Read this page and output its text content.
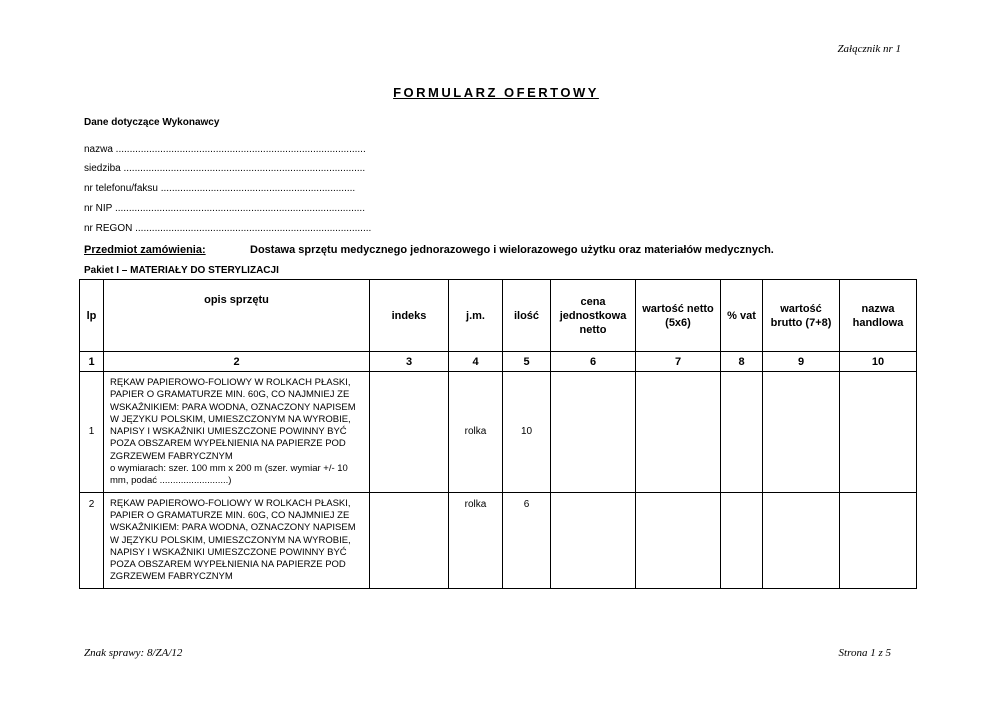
Załącznik nr 1
FORMULARZ OFERTOWY
Dane dotyczące Wykonawcy
nazwa ..........................................................................................
siedziba .......................................................................................
nr telefonu/faksu ......................................................................
nr NIP ..........................................................................................
nr REGON .....................................................................................
Przedmiot zamówienia:	Dostawa sprzętu medycznego jednorazowego i wielorazowego użytku oraz materiałów medycznych.
Pakiet I – MATERIAŁY DO STERYLIZACJI
lp	opis sprzętu	indeks	j.m.	ilość	cena jednostkowa netto	wartość netto (5x6)	% vat	wartość brutto (7+8)	nazwa handlowa
1	2	3	4	5	6	7	8	9	10
1	RĘKAW PAPIEROWO-FOLIOWY W ROLKACH PŁASKI, PAPIER O GRAMATURZE MIN. 60G, CO NAJMNIEJ ZE WSKAŹNIKIEM: PARA WODNA, OZNACZONY NAPISEM W JĘZYKU POLSKIM, UMIESZCZONYM NA WYROBIE, NAPISY I WSKAŹNIKI UMIESZCZONE POWINNY BYĆ POZA OBSZAREM WYPEŁNIENIA NA PAPIERZE POD ZGRZEWEM FABRYCZNYM
o wymiarach: szer. 100 mm x 200 m (szer. wymiar +/- 10 mm, podać ..........................)		rolka	10					
2	RĘKAW PAPIEROWO-FOLIOWY W ROLKACH PŁASKI, PAPIER O GRAMATURZE MIN. 60G, CO NAJMNIEJ ZE WSKAŹNIKIEM: PARA WODNA, OZNACZONY NAPISEM W JĘZYKU POLSKIM, UMIESZCZONYM NA WYROBIE, NAPISY I WSKAŹNIKI UMIESZCZONE POWINNY BYĆ POZA OBSZAREM WYPEŁNIENIA NA PAPIERZE POD ZGRZEWEM FABRYCZNYM		rolka	6					
Znak sprawy: 8/ZA/12	Strona 1 z 5
